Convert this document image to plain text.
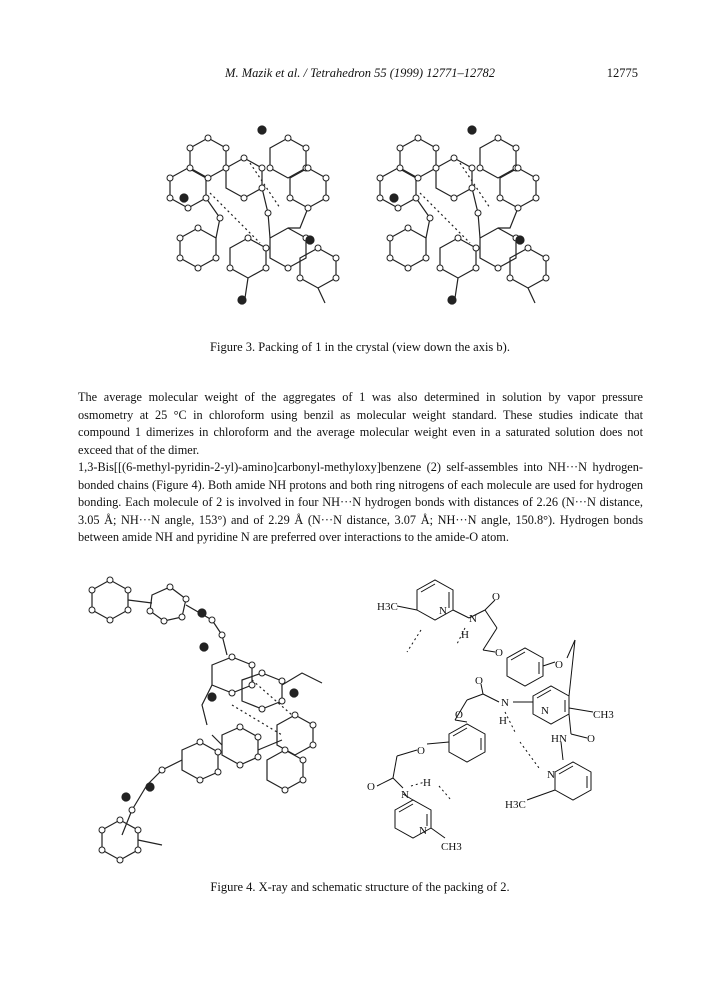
M. Mazik et al. / Tetrahedron 55 (1999) 12771–12782	12775
Figure 3. Packing of 1 in the crystal (view down the axis b).

The average molecular weight of the aggregates of 1 was also determined in solution by vapor pressure osmometry at 25 °C in chloroform using benzil as molecular weight standard. These studies indicate that compound 1 dimerizes in chloroform and the average molecular weight even in a saturated solution does not exceed that of the dimer.

1,3-Bis[[(6-methyl-pyridin-2-yl)-amino]carbonyl-methyloxy]benzene (2) self-assembles into NH···N hydrogen-bonded chains (Figure 4). Both amide NH protons and both ring nitrogens of each molecule are used for hydrogen bonding. Each molecule of 2 is involved in four NH···N hydrogen bonds with distances of 2.26 (N···N distance, 3.05 Å; NH···N angle, 153°) and of 2.29 Å (N···N distance, 3.07 Å; NH···N angle, 150.8°). Hydrogen bonds between amide NH and pyridine N are preferred over interactions to the amide-O atom.

H3C	N
N
H
O
O
O
O
N
H
N	CH3
HN O
N
H3C
O
O
O
N
H
N
CH3
Figure 4. X-ray and schematic structure of the packing of 2.
